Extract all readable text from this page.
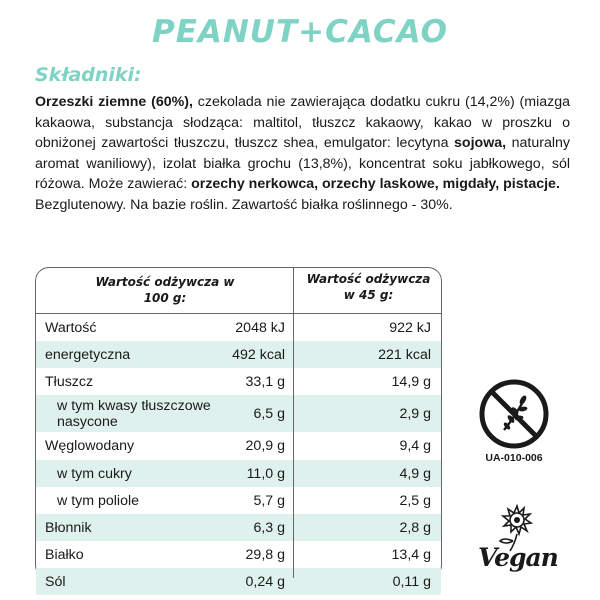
PEANUT+CACAO
Składniki:
Orzeszki ziemne (60%), czekolada nie zawierająca dodatku cukru (14,2%) (miazga kakaowa, substancja słodząca: maltitol, tłuszcz kakaowy, kakao w proszku o obniżonej zawartości tłuszczu, tłuszcz shea, emulgator: lecytyna sojowa, naturalny aromat waniliowy), izolat białka grochu (13,8%), koncentrat soku jabłkowego, sól różowa. Może zawierać: orzechy nerkowca, orzechy laskowe, migdały, pistacje.
Bezglutenowy. Na bazie roślin. Zawartość białka roślinnego - 30%.
Wartość odżywcza w 100 g:
Wartość odżywcza w 45 g:
Wartość	2048 kJ	922 kJ
energetyczna	492 kcal	221 kcal
Tłuszcz	33,1 g	14,9 g
w tym kwasy tłuszczowe nasycone	6,5 g	2,9 g
Węglowodany	20,9 g	9,4 g
w tym cukry	11,0 g	4,9 g
w tym poliole	5,7 g	2,5 g
Błonnik	6,3 g	2,8 g
Białko	29,8 g	13,4 g
Sól	0,24 g	0,11 g
UA-010-006
Vegan
